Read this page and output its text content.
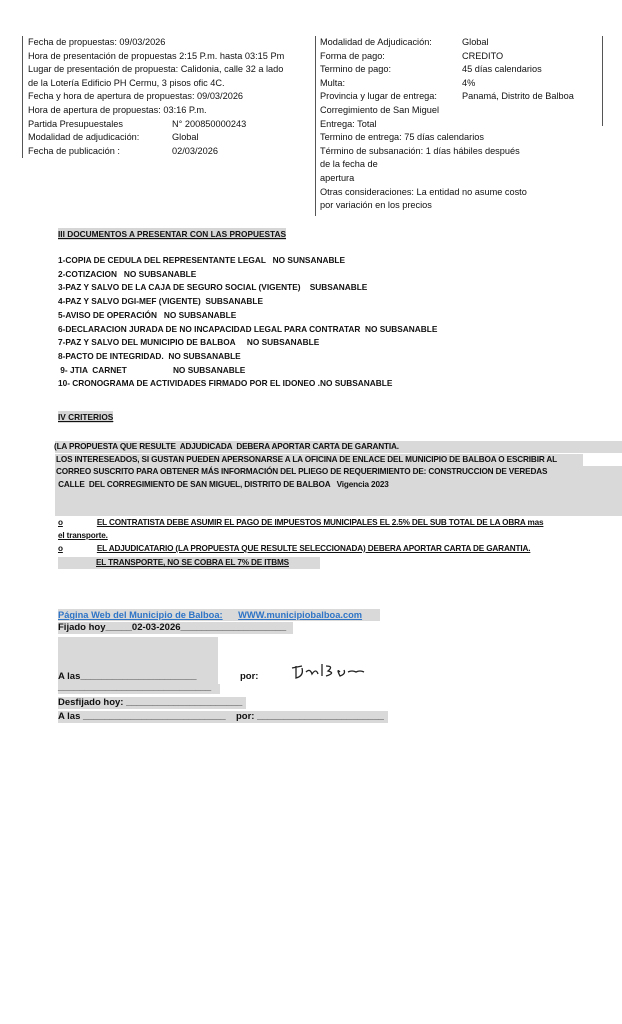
Fecha de propuestas: 09/03/2026
Hora de presentación de propuestas 2:15 P.m. hasta 03:15 Pm
Lugar de presentación de propuesta: Calidonia, calle 32 a lado
de la Lotería Edificio PH Cermu, 3 pisos ofic 4C.
Fecha y hora de apertura de propuestas: 09/03/2026
Hora de apertura de propuestas: 03:16 P.m.
Partida Presupuestales	N° 200850000243
Modalidad de adjudicación:	Global
Fecha de publicación :	02/03/2026
Modalidad de Adjudicación:	Global
Forma de pago:	CREDITO
Termino de pago:	45 días calendarios
Multa:	4%
Provincia y lugar de entrega:	Panamá, Distrito de Balboa
Corregimiento de San Miguel
Entrega: Total
Termino de entrega: 75 días calendarios
Término de subsanación: 1 días hábiles después
de la fecha de
apertura
Otras consideraciones: La entidad no asume costo
por variación en los precios
III DOCUMENTOS A PRESENTAR CON LAS PROPUESTAS
1-COPIA DE CEDULA DEL REPRESENTANTE LEGAL   NO SUNSANABLE
2-COTIZACION   NO SUBSANABLE
3-PAZ Y SALVO DE LA CAJA DE SEGURO SOCIAL (VIGENTE)    SUBSANABLE
4-PAZ Y SALVO DGI-MEF (VIGENTE)  SUBSANABLE
5-AVISO DE OPERACIÓN   NO SUBSANABLE
6-DECLARACION JURADA DE NO INCAPACIDAD LEGAL PARA CONTRATAR  NO SUBSANABLE
7-PAZ Y SALVO DEL MUNICIPIO DE BALBOA     NO SUBSANABLE
8-PACTO DE INTEGRIDAD.  NO SUBSANABLE
9- JTIA  CARNET                    NO SUBSANABLE
10- CRONOGRAMA DE ACTIVIDADES FIRMADO POR EL IDONEO .NO SUBSANABLE
IV CRITERIOS
(LA PROPUESTA QUE RESULTE  ADJUDICADA  DEBERA APORTAR CARTA DE GARANTIA.
LOS INTERESEADOS, SI GUSTAN PUEDEN APERSONARSE A LA OFICINA DE ENLACE DEL MUNICIPIO DE BALBOA O ESCRIBIR AL
CORREO SUSCRITO PARA OBTENER MÁS INFORMACIÓN DEL PLIEGO DE REQUERIMIENTO DE: CONSTRUCCION DE VEREDAS
CALLE  DEL CORREGIMIENTO DE SAN MIGUEL, DISTRITO DE BALBOA   Vigencia 2023
o	EL CONTRATISTA DEBE ASUMIR EL PAGO DE IMPUESTOS MUNICIPALES EL 2.5% DEL SUB TOTAL DE LA OBRA mas
el transporte.
o	EL ADJUDICATARIO (LA PROPUESTA QUE RESULTE SELECCIONADA) DEBERA APORTAR CARTA DE GARANTIA.
EL TRANSPORTE, NO SE COBRA EL 7% DE ITBMS
Página Web del Municipio de Balboa: WWW.municipiobalboa.com
Fijado hoy_____02-03-2026____________________
A las______________________	por:
_____________________________
Desfijado hoy: ______________________
A las ___________________________ por: ________________________
